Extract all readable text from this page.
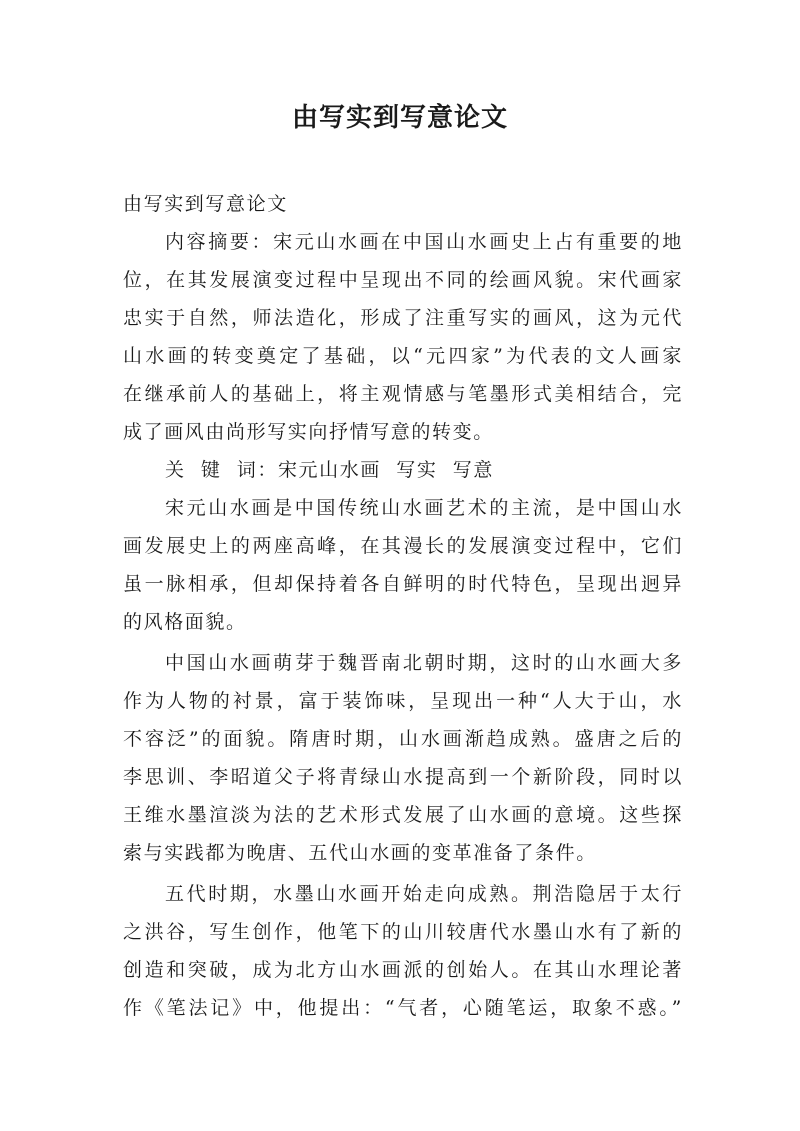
由写实到写意论文
由写实到写意论文
内容摘要：宋元山水画在中国山水画史上占有重要的地
位，在其发展演变过程中呈现出不同的绘画风貌。宋代画家
忠实于自然，师法造化，形成了注重写实的画风，这为元代
山水画的转变奠定了基础，以“元四家”为代表的文人画家
在继承前人的基础上，将主观情感与笔墨形式美相结合，完
成了画风由尚形写实向抒情写意的转变。
关  键  词：宋元山水画  写实  写意
宋元山水画是中国传统山水画艺术的主流，是中国山水
画发展史上的两座高峰，在其漫长的发展演变过程中，它们
虽一脉相承，但却保持着各自鲜明的时代特色，呈现出迥异
的风格面貌。
中国山水画萌芽于魏晋南北朝时期，这时的山水画大多
作为人物的衬景，富于装饰味，呈现出一种“人大于山，水
不容泛”的面貌。隋唐时期，山水画渐趋成熟。盛唐之后的
李思训、李昭道父子将青绿山水提高到一个新阶段，同时以
王维水墨渲淡为法的艺术形式发展了山水画的意境。这些探
索与实践都为晚唐、五代山水画的变革准备了条件。
五代时期，水墨山水画开始走向成熟。荆浩隐居于太行
之洪谷，写生创作，他笔下的山川较唐代水墨山水有了新的
创造和突破，成为北方山水画派的创始人。在其山水理论著
作《笔法记》中，他提出：“气者，心随笔运，取象不惑。”
